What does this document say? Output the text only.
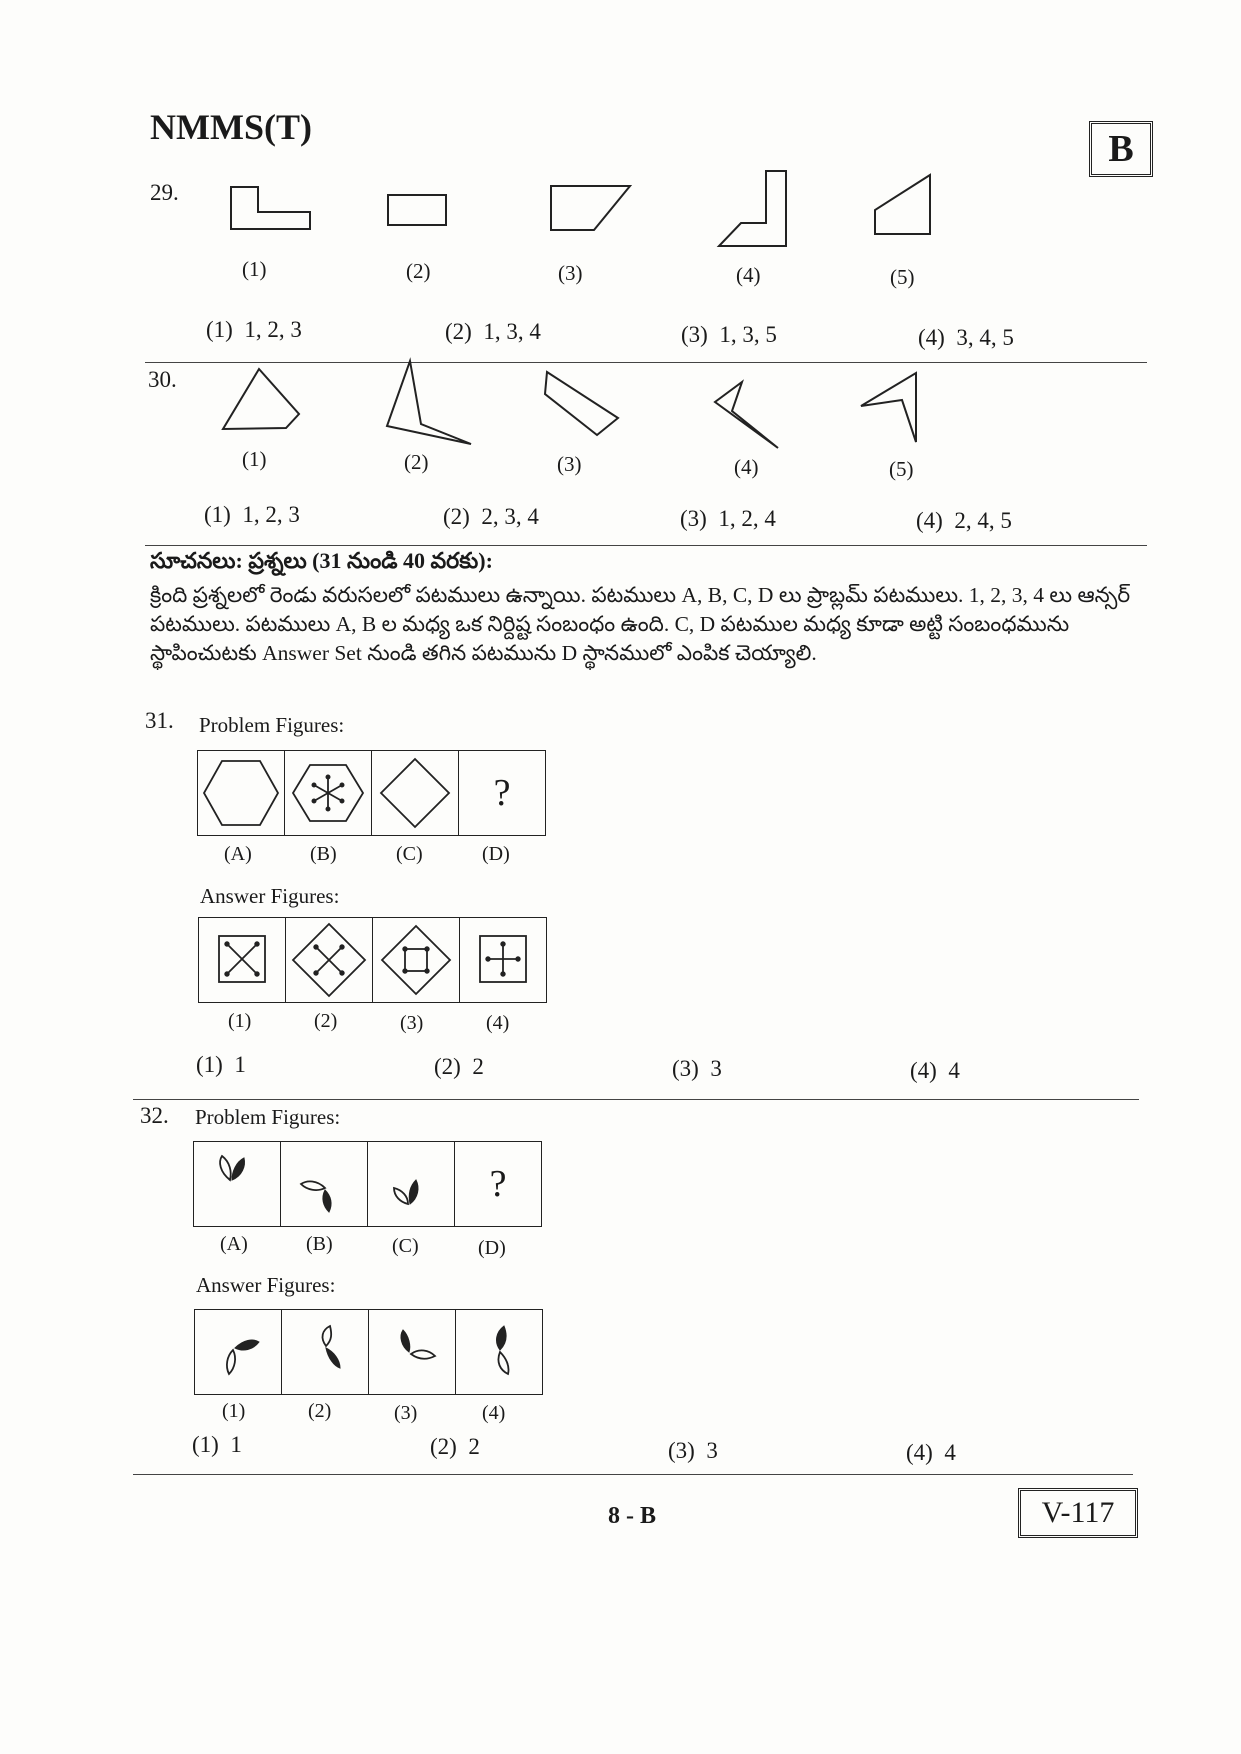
NMMS(T)
B
29.
(1)	(2)	(3)	(4)	(5)
(1) 1, 2, 3	(2) 1, 3, 4	(3) 1, 3, 5	(4) 3, 4, 5
30.
(1)	(2)	(3)	(4)	(5)
(1) 1, 2, 3	(2) 2, 3, 4	(3) 1, 2, 4	(4) 2, 4, 5
సూచనలు: ప్రశ్నలు (31 నుండి 40 వరకు):
క్రింది ప్రశ్నలలో రెండు వరుసలలో పటములు ఉన్నాయి. పటములు A, B, C, D లు ప్రాబ్లమ్ పటములు. 1, 2, 3, 4 లు ఆన్సర్ పటములు. పటములు A, B ల మధ్య ఒక నిర్దిష్ట సంబంధం ఉంది. C, D పటముల మధ్య కూడా అట్టి సంబంధమును స్థాపించుటకు Answer Set నుండి తగిన పటమును D స్థానములో ఎంపిక చెయ్యాలి.
31. Problem Figures:
?
(A)	(B)	(C)	(D)
Answer Figures:
(1)	(2)	(3)	(4)
(1) 1	(2) 2	(3) 3	(4) 4
32. Problem Figures:
?
(A)	(B)	(C)	(D)
Answer Figures:
(1)	(2)	(3)	(4)
(1) 1	(2) 2	(3) 3	(4) 4
8 - B	V-117
